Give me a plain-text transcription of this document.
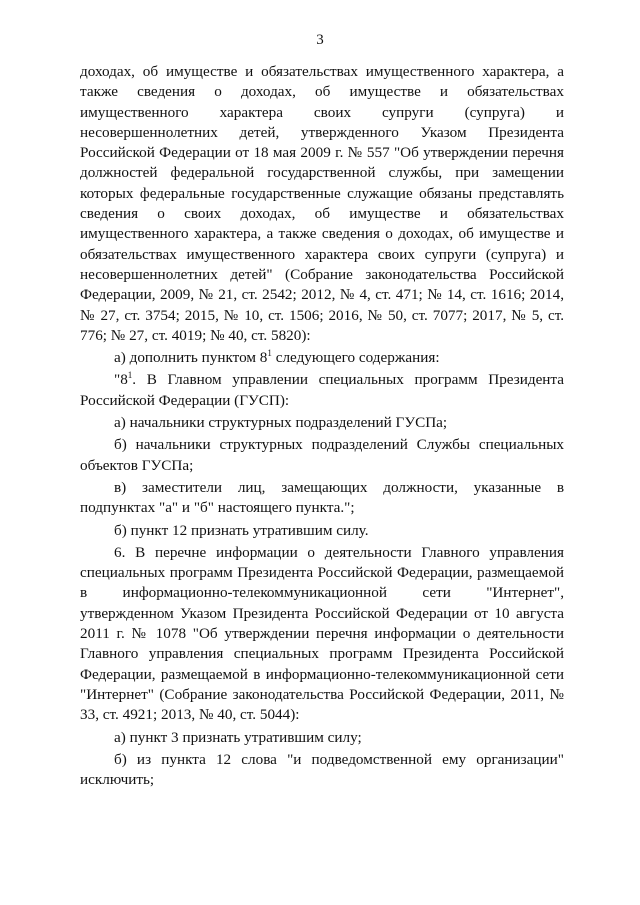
3

доходах, об имуществе и обязательствах имущественного характера, а также сведения о доходах, об имуществе и обязательствах имущественного характера своих супруги (супруга) и несовершеннолетних детей, утвержденного Указом Президента Российской Федерации от 18 мая 2009 г. № 557 "Об утверждении перечня должностей федеральной государственной службы, при замещении которых федеральные государственные служащие обязаны представлять сведения о своих доходах, об имуществе и обязательствах имущественного характера, а также сведения о доходах, об имуществе и обязательствах имущественного характера своих супруги (супруга) и несовершеннолетних детей" (Собрание законодательства Российской Федерации, 2009, № 21, ст. 2542; 2012, № 4, ст. 471; № 14, ст. 1616; 2014, № 27, ст. 3754; 2015, № 10, ст. 1506; 2016, № 50, ст. 7077; 2017, № 5, ст. 776; № 27, ст. 4019; № 40, ст. 5820):

а) дополнить пунктом $8^1$ следующего содержания:

"$8^1$. В Главном управлении специальных программ Президента Российской Федерации (ГУСП):

а) начальники структурных подразделений ГУСПа;

б) начальники структурных подразделений Службы специальных объектов ГУСПа;

в) заместители лиц, замещающих должности, указанные в подпунктах "а" и "б" настоящего пункта.";

б) пункт 12 признать утратившим силу.

6. В перечне информации о деятельности Главного управления специальных программ Президента Российской Федерации, размещаемой в информационно-телекоммуникационной сети "Интернет", утвержденном Указом Президента Российской Федерации от 10 августа 2011 г. № 1078 "Об утверждении перечня информации о деятельности Главного управления специальных программ Президента Российской Федерации, размещаемой в информационно-телекоммуникационной сети "Интернет" (Собрание законодательства Российской Федерации, 2011, № 33, ст. 4921; 2013, № 40, ст. 5044):

а) пункт 3 признать утратившим силу;

б) из пункта 12 слова "и подведомственной ему организации" исключить;
